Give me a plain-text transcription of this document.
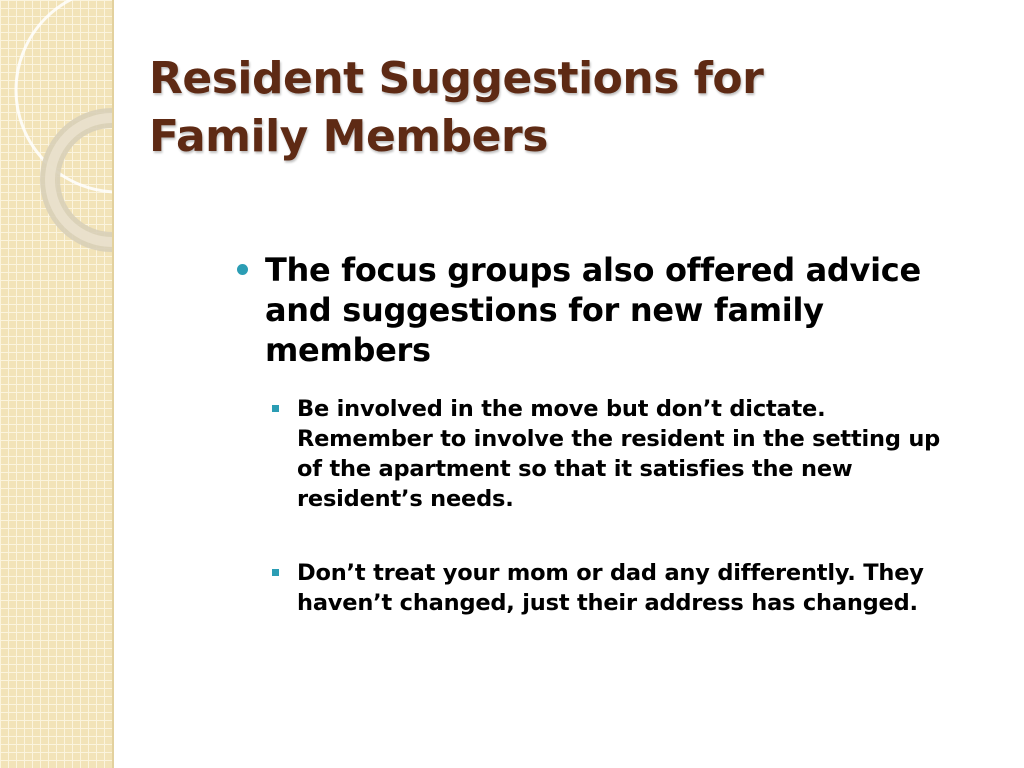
Resident Suggestions for
Family Members
The focus groups also offered advice and suggestions for new family members
Be involved in the move but don’t dictate. Remember to involve the resident in the setting up of the apartment so that it satisfies the new resident’s needs.
Don’t treat your mom or dad any differently. They haven’t changed, just their address has changed.
